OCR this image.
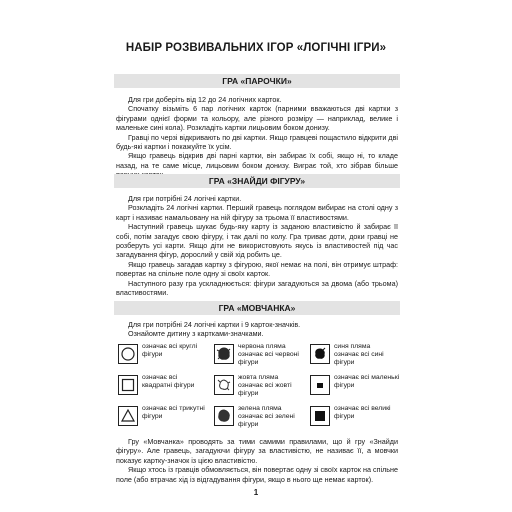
НАБІР РОЗВИВАЛЬНИХ ІГОР «ЛОГІЧНІ ІГРИ»
ГРА «ПАРОЧКИ»

Для гри доберіть від 12 до 24 логічних карток.

Спочатку візьміть 6 пар логічних карток (парними вважаються дві картки з фігурами однієї форми та кольору, але різного розміру — наприклад, велике і маленьке сині кола). Розкладіть картки лицьовим боком донизу.

Гравці по черзі відкривають по дві картки. Якщо гравцеві пощастило відкрити дві будь-які картки і покажуйте їх усім.

Якщо гравець відкрив дві парні картки, він забирає їх собі, якщо ні, то кладе назад, на те саме місце, лицьовим боком донизу. Виграє той, хто зібрав більше

ГРА «ЗНАЙДИ ФІГУРУ»

Для гри потрібні 24 логічні картки.

Розкладіть 24 логічні картки. Перший гравець поглядом вибирає на столі одну з карт і називає намальовану на ній фігуру за трьома її властивостями.

Наступний гравець шукає будь-яку карту із заданою властивістю й забирає її собі, потім загадує свою фігуру, і так далі по колу. Гра триває доти, доки гравці не розберуть усі карти. Якщо діти не використовують якусь із властивостей під час загадування фігур, дорослий у свій хід робить це.

Якщо гравець загадав картку з фігурою, якої немає на полі, він отримує штраф: повертає на спільне поле одну зі своїх карток.

Наступного разу гра ускладнюється: фігури загадуються за двома (або трьома) властивостями.

ГРА «МОВЧАНКА»

Для гри потрібні 24 логічні картки і 9 карток-значків.

Ознайомте дитину з картками-значками.

означає всі круглі
фігури
червона пляма
означає всі червоні
фігури
синя пляма
означає всі сині
фігури
означає всі квадратні фігури
жовта пляма
означає всі жовті
фігури
означає всі маленькі фігури
означає всі трикутні фігури
зелена пляма
означає всі зелені
фігури
означає всі великі фігури

Гру «Мовчанка» проводять за тими самими правилами, що й гру «Знайди фігуру». Але гравець, загадуючи фігуру за властивістю, не називає її, а мовчки показує картку-значок із цією властивістю.

Якщо хтось із гравців обмовляється, він повертає одну зі своїх карток на спільне поле (або втрачає хід із відгадування фігури, якщо в нього ще немає карток).

1
